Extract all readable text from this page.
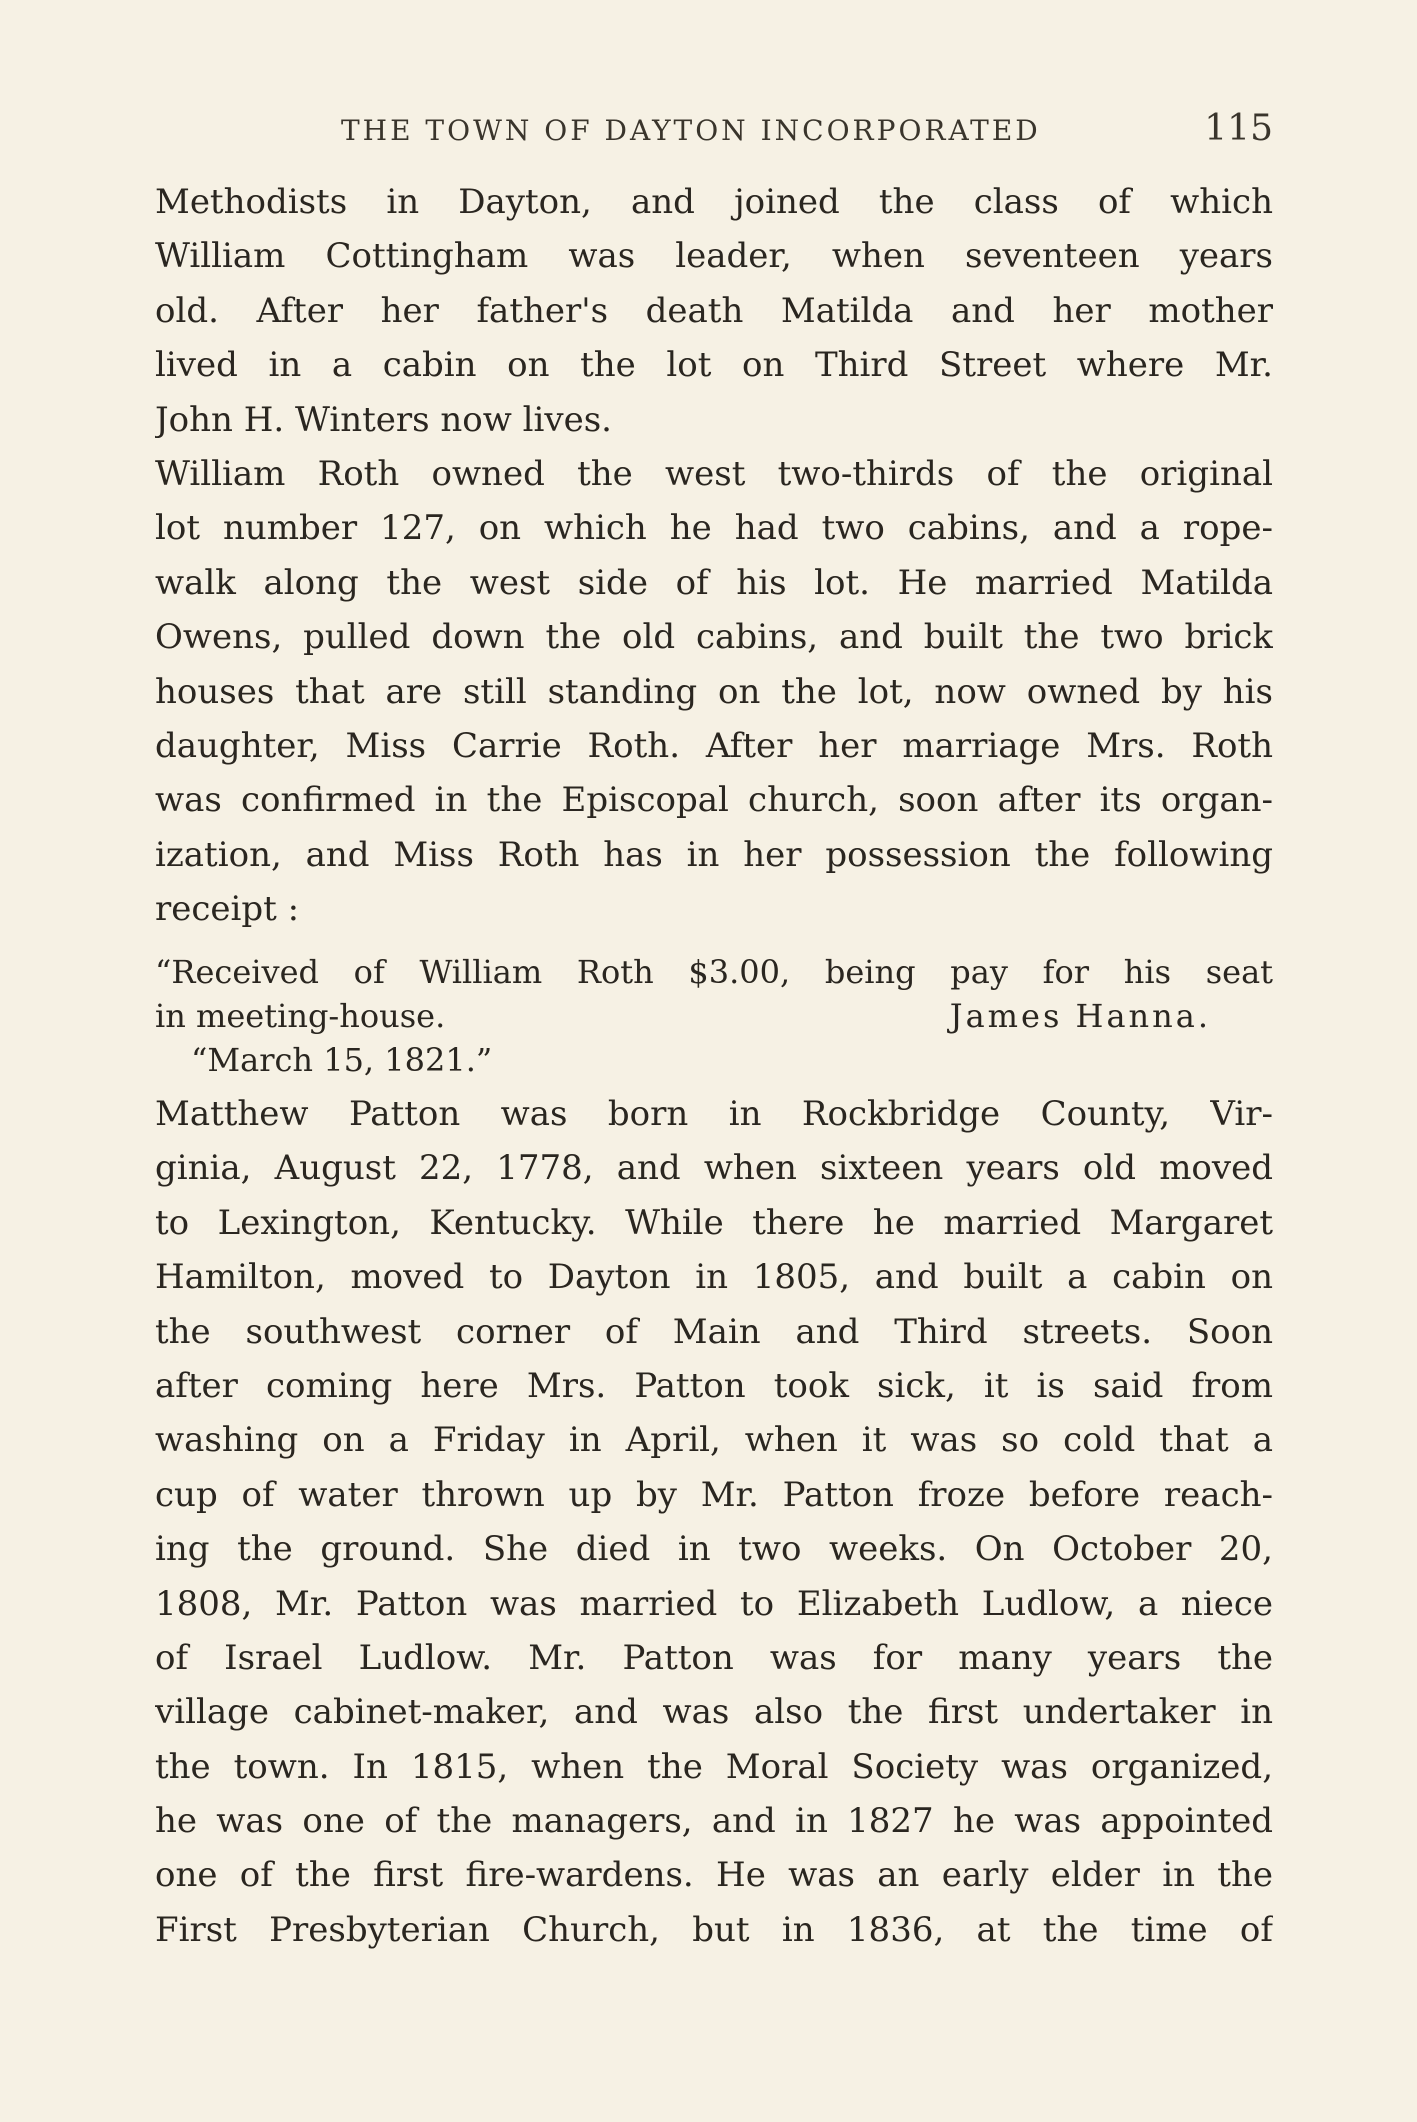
THE TOWN OF DAYTON INCORPORATED	115
Methodists in Dayton, and joined the class of which
William Cottingham was leader, when seventeen years
old. After her father's death Matilda and her mother
lived in a cabin on the lot on Third Street where Mr.
John H. Winters now lives.
William Roth owned the west two-thirds of the original
lot number 127, on which he had two cabins, and a rope-
walk along the west side of his lot. He married Matilda
Owens, pulled down the old cabins, and built the two brick
houses that are still standing on the lot, now owned by his
daughter, Miss Carrie Roth. After her marriage Mrs. Roth
was confirmed in the Episcopal church, soon after its organ-
ization, and Miss Roth has in her possession the following
receipt :
“Received of William Roth $3.00, being pay for his seat
in meeting-house.	James Hanna.
“March 15, 1821.”
Matthew Patton was born in Rockbridge County, Vir-
ginia, August 22, 1778, and when sixteen years old moved
to Lexington, Kentucky. While there he married Margaret
Hamilton, moved to Dayton in 1805, and built a cabin on
the southwest corner of Main and Third streets. Soon
after coming here Mrs. Patton took sick, it is said from
washing on a Friday in April, when it was so cold that a
cup of water thrown up by Mr. Patton froze before reach-
ing the ground. She died in two weeks. On October 20,
1808, Mr. Patton was married to Elizabeth Ludlow, a niece
of Israel Ludlow. Mr. Patton was for many years the
village cabinet-maker, and was also the first undertaker in
the town. In 1815, when the Moral Society was organized,
he was one of the managers, and in 1827 he was appointed
one of the first fire-wardens. He was an early elder in the
First Presbyterian Church, but in 1836, at the time of
